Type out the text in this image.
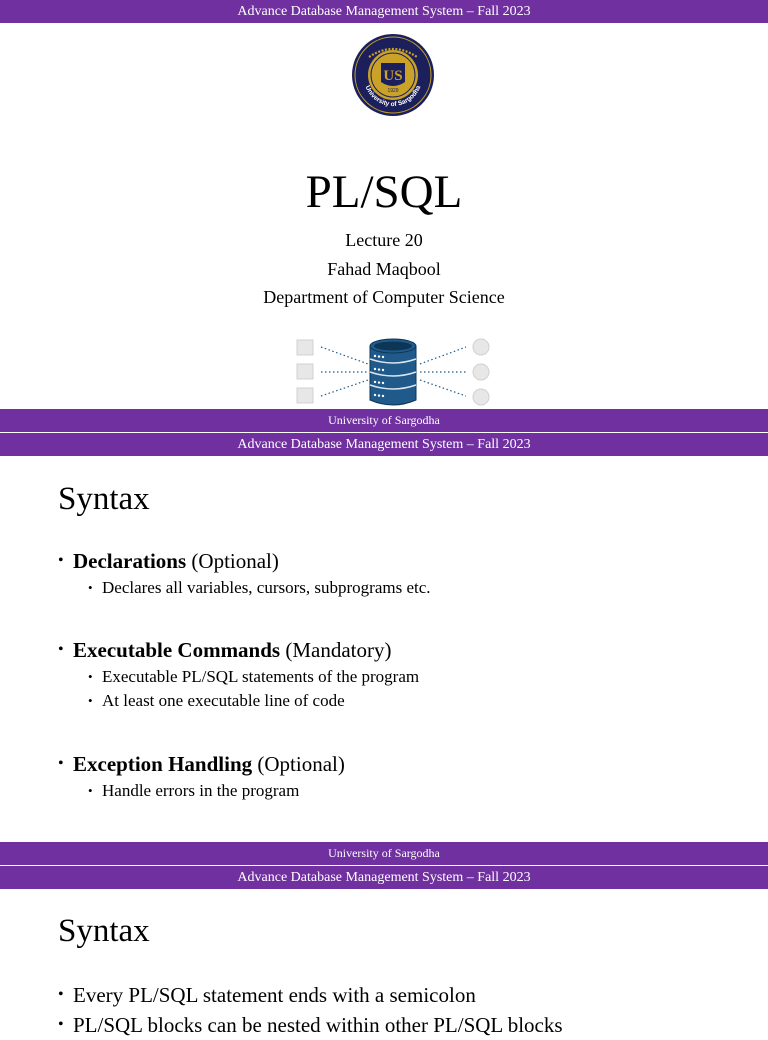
Advance Database Management System – Fall 2023
US
1929
University of Sargodha
PL/SQL
Lecture 20
Fahad Maqbool
Department of Computer Science
University of Sargodha
Advance Database Management System – Fall 2023
Syntax
• Declarations (Optional)
• Declares all variables, cursors, subprograms etc.
• Executable Commands (Mandatory)
• Executable PL/SQL statements of the program
• At least one executable line of code
• Exception Handling (Optional)
• Handle errors in the program
University of Sargodha
Advance Database Management System – Fall 2023
Syntax
• Every PL/SQL statement ends with a semicolon
• PL/SQL blocks can be nested within other PL/SQL blocks
